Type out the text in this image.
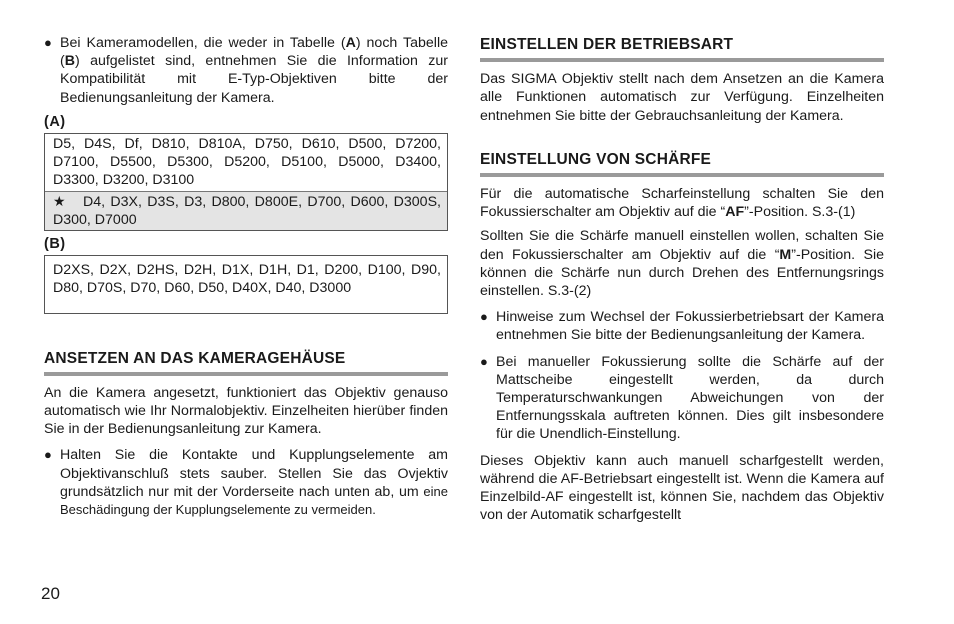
● Bei Kameramodellen, die weder in Tabelle (A) noch Tabelle (B) aufgelistet sind, entnehmen Sie die Information zur Kompatibilität mit E-Typ-Objektiven bitte der Bedienungsanleitung der Kamera.
(A)
D5, D4S, Df, D810, D810A, D750, D610, D500, D7200, D7100, D5500, D5300, D5200, D5100, D5000, D3400, D3300, D3200, D3100
★ D4, D3X, D3S, D3, D800, D800E, D700, D600, D300S, D300, D7000
(B)
D2XS, D2X, D2HS, D2H, D1X, D1H, D1, D200, D100, D90, D80, D70S, D70, D60, D50, D40X, D40, D3000
ANSETZEN AN DAS KAMERAGEHÄUSE

An die Kamera angesetzt, funktioniert das Objektiv genauso automatisch wie Ihr Normalobjektiv. Einzelheiten hierüber finden Sie in der Bedienungsanleitung zur Kamera.

● Halten Sie die Kontakte und Kupplungselemente am Objektivanschluß stets sauber. Stellen Sie das Ovjektiv grundsätzlich nur mit der Vorderseite nach unten ab, um eine Beschädingung der Kupplungselemente zu vermeiden.
20
EINSTELLEN DER BETRIEBSART

Das SIGMA Objektiv stellt nach dem Ansetzen an die Kamera alle Funktionen automatisch zur Verfügung. Einzelheiten entnehmen Sie bitte der Gebrauchsanleitung der Kamera.

EINSTELLUNG VON SCHÄRFE

Für die automatische Scharfeinstellung schalten Sie den Fokussierschalter am Objektiv auf die “AF”-Position. S.3-(1)

Sollten Sie die Schärfe manuell einstellen wollen, schalten Sie den Fokussierschalter am Objektiv auf die “M”-Position. Sie können die Schärfe nun durch Drehen des Entfernungsrings einstellen. S.3-(2)

● Hinweise zum Wechsel der Fokussierbetriebsart der Kamera entnehmen Sie bitte der Bedienungsanleitung der Kamera.
● Bei manueller Fokussierung sollte die Schärfe auf der Mattscheibe eingestellt werden, da durch Temperaturschwankungen Abweichungen von der Entfernungsskala auftreten können. Dies gilt insbesondere für die Unendlich-Einstellung.

Dieses Objektiv kann auch manuell scharfgestellt werden, während die AF-Betriebsart eingestellt ist. Wenn die Kamera auf Einzelbild-AF eingestellt ist, können Sie, nachdem das Objektiv von der Automatik scharfgestellt
